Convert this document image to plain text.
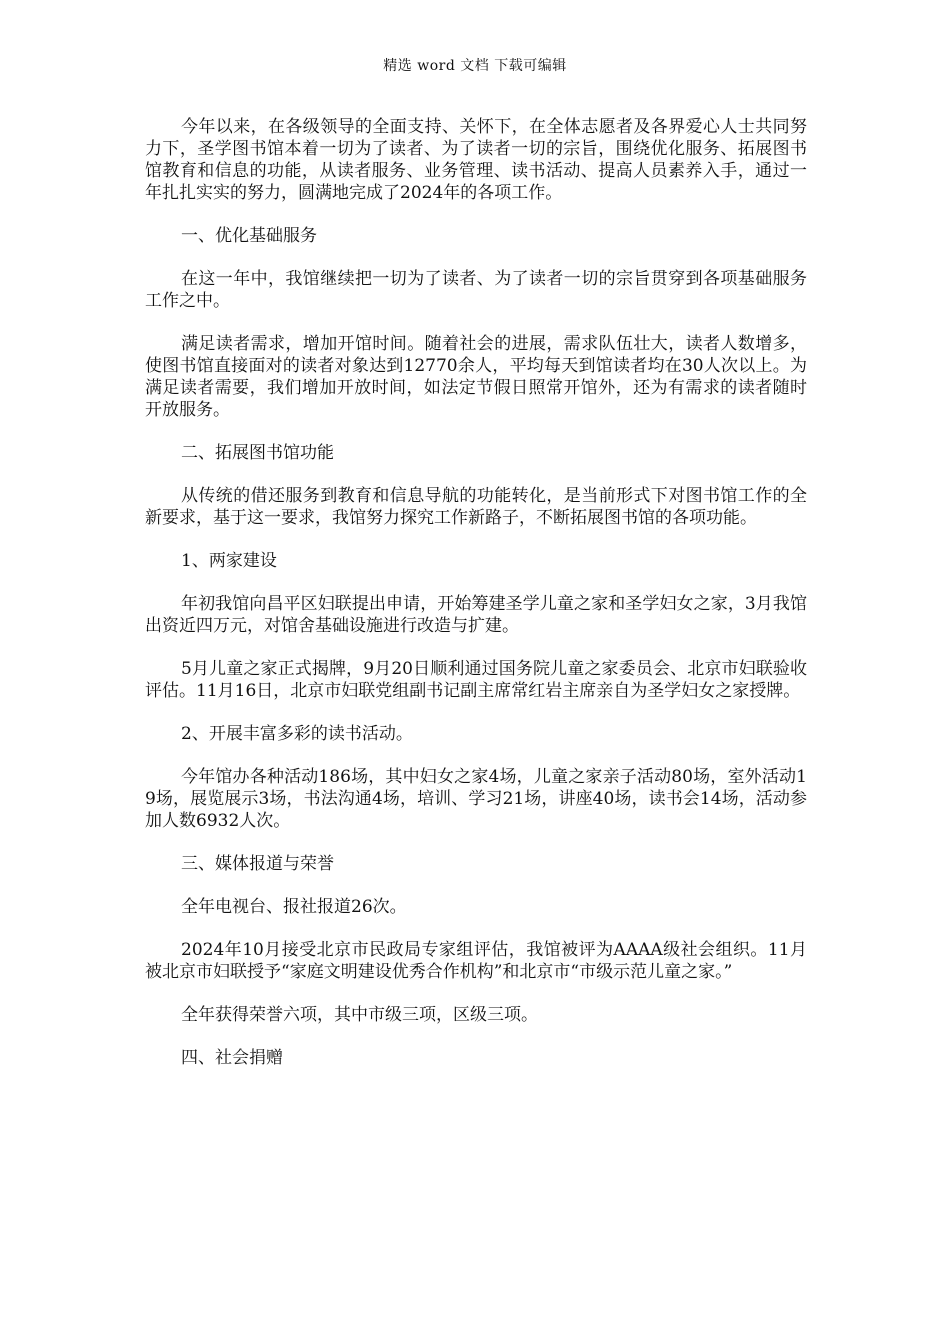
精选 word 文档 下载可编辑

今年以来，在各级领导的全面支持、关怀下，在全体志愿者及各界爱心人士共同努力下，圣学图书馆本着一切为了读者、为了读者一切的宗旨，围绕优化服务、拓展图书馆教育和信息的功能，从读者服务、业务管理、读书活动、提高人员素养入手，通过一年扎扎实实的努力，圆满地完成了2024年的各项工作。

一、优化基础服务

在这一年中，我馆继续把一切为了读者、为了读者一切的宗旨贯穿到各项基础服务工作之中。

满足读者需求，增加开馆时间。随着社会的进展，需求队伍壮大，读者人数增多，使图书馆直接面对的读者对象达到12770余人，平均每天到馆读者均在30人次以上。为满足读者需要，我们增加开放时间，如法定节假日照常开馆外，还为有需求的读者随时开放服务。

二、拓展图书馆功能

从传统的借还服务到教育和信息导航的功能转化，是当前形式下对图书馆工作的全新要求，基于这一要求，我馆努力探究工作新路子，不断拓展图书馆的各项功能。

1、两家建设

年初我馆向昌平区妇联提出申请，开始筹建圣学儿童之家和圣学妇女之家，3月我馆出资近四万元，对馆舍基础设施进行改造与扩建。

5月儿童之家正式揭牌，9月20日顺利通过国务院儿童之家委员会、北京市妇联验收评估。11月16日，北京市妇联党组副书记副主席常红岩主席亲自为圣学妇女之家授牌。

2、开展丰富多彩的读书活动。

今年馆办各种活动186场，其中妇女之家4场，儿童之家亲子活动80场，室外活动19场，展览展示3场，书法沟通4场，培训、学习21场，讲座40场，读书会14场，活动参加人数6932人次。

三、媒体报道与荣誉

全年电视台、报社报道26次。

2024年10月接受北京市民政局专家组评估，我馆被评为AAAA级社会组织。11月被北京市妇联授予“家庭文明建设优秀合作机构”和北京市“市级示范儿童之家。”

全年获得荣誉六项，其中市级三项，区级三项。

四、社会捐赠
